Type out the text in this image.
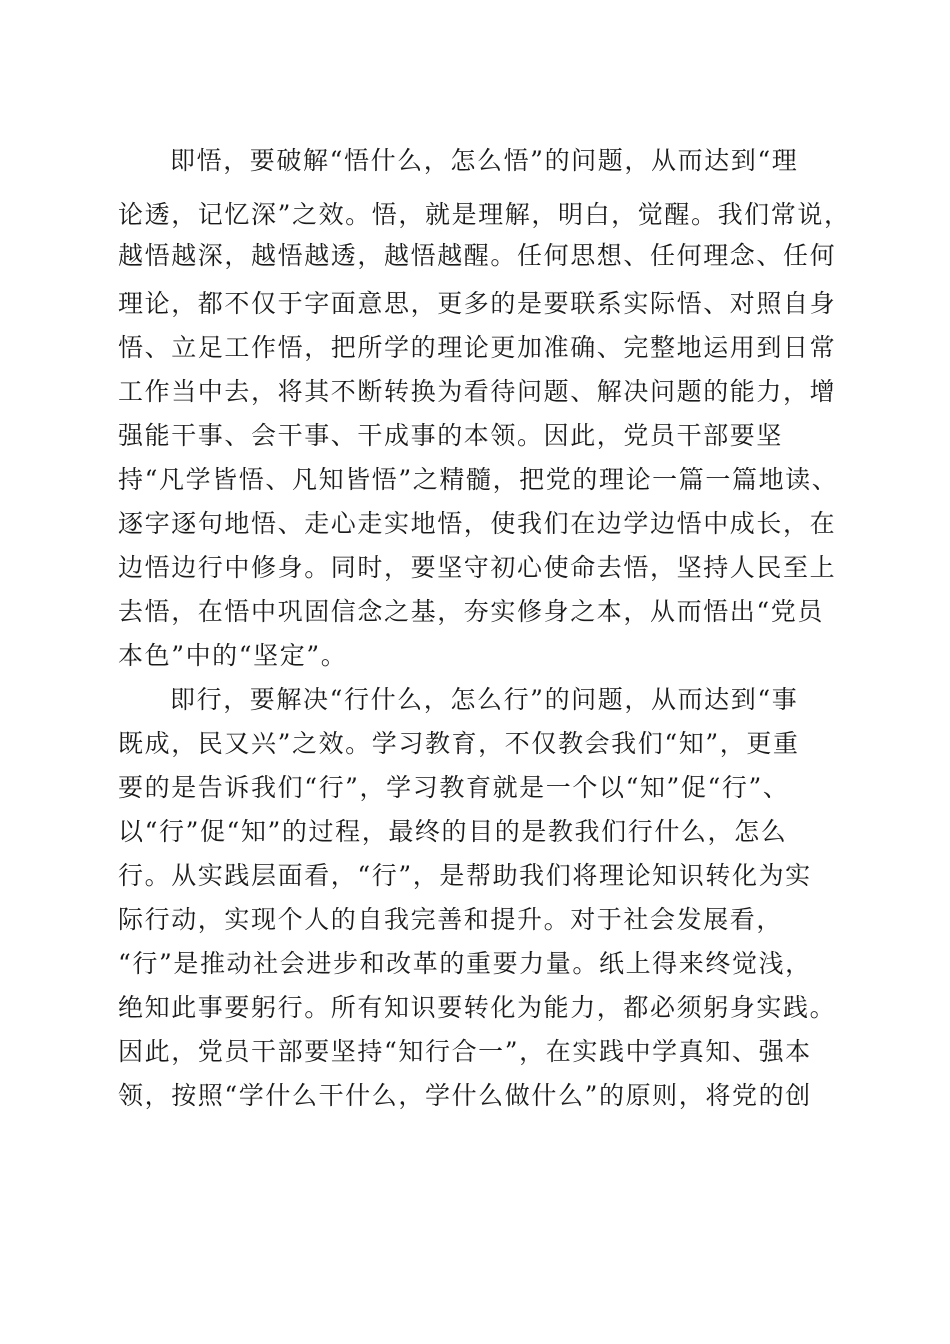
即悟，要破解“悟什么，怎么悟”的问题，从而达到“理
论透，记忆深”之效。悟，就是理解，明白，觉醒。我们常说，
越悟越深，越悟越透，越悟越醒。任何思想、任何理念、任何
理论，都不仅于字面意思，更多的是要联系实际悟、对照自身
悟、立足工作悟，把所学的理论更加准确、完整地运用到日常
工作当中去，将其不断转换为看待问题、解决问题的能力，增
强能干事、会干事、干成事的本领。因此，党员干部要坚
持“凡学皆悟、凡知皆悟”之精髓，把党的理论一篇一篇地读、
逐字逐句地悟、走心走实地悟，使我们在边学边悟中成长，在
边悟边行中修身。同时，要坚守初心使命去悟，坚持人民至上
去悟，在悟中巩固信念之基，夯实修身之本，从而悟出“党员
本色”中的“坚定”。
即行，要解决“行什么，怎么行”的问题，从而达到“事
既成，民又兴”之效。学习教育，不仅教会我们“知”，更重
要的是告诉我们“行”，学习教育就是一个以“知”促“行”、
以“行”促“知”的过程，最终的目的是教我们行什么，怎么
行。从实践层面看，“行”，是帮助我们将理论知识转化为实
际行动，实现个人的自我完善和提升。对于社会发展看，
“行”是推动社会进步和改革的重要力量。纸上得来终觉浅，
绝知此事要躬行。所有知识要转化为能力，都必须躬身实践。
因此，党员干部要坚持“知行合一”，在实践中学真知、强本
领，按照“学什么干什么，学什么做什么”的原则，将党的创
